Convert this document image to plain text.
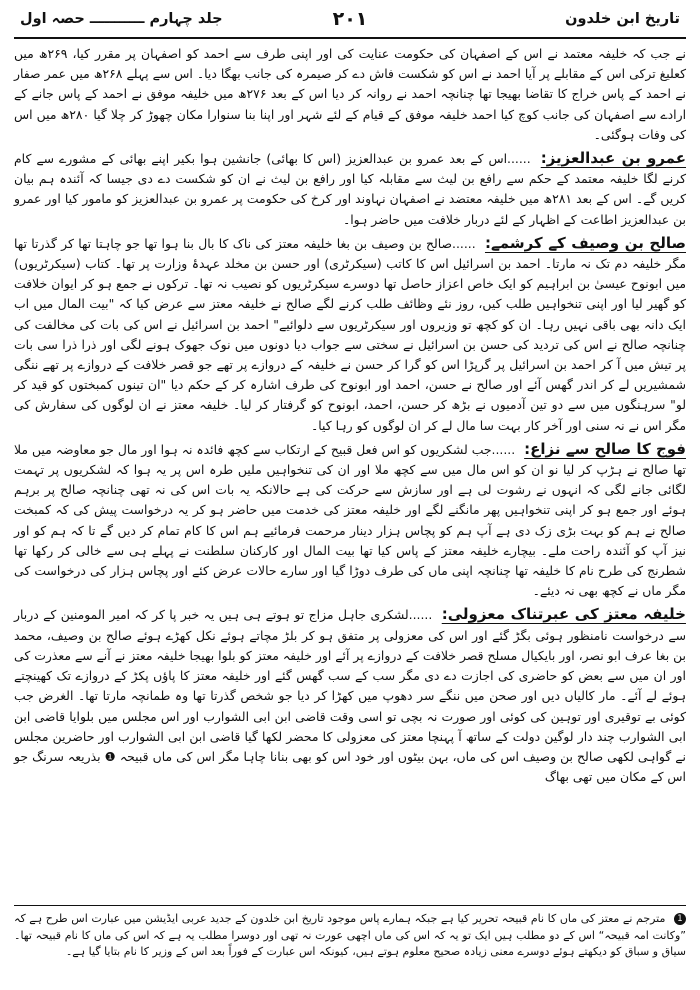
تاریخ ابن خلدون
۲۰۱
جلد چہارم ـــــــــــ حصہ اول

نے جب کہ خلیفہ معتمد نے اس کے اصفہان کی حکومت عنایت کی اور اپنی طرف سے احمد کو اصفہان پر مقرر کیا، ۲۶۹ھ میں کعلیغ ترکی اس کے مقابلے پر آیا احمد نے اس کو شکست فاش دے کر صیمرہ کی جانب بھگا دیا۔ اس سے پہلے ۲۶۸ھ میں عمر صفار نے احمد کے پاس خراج کا تقاضا بھیجا تھا چنانچہ احمد نے روانہ کر دیا اس کے بعد ۲۷۶ھ میں خلیفہ موفق نے احمد کے پاس جانے کے ارادے سے اصفہان کی جانب کوچ کیا احمد خلیفہ موفق کے قیام کے لئے شہر اور اپنا بنا سنوارا مکان چھوڑ کر چلا گیا ۲۸۰ھ میں اس کی وفات ہوگئی۔

عمرو بن عبدالعزیز: ......اس کے بعد عمرو بن عبدالعزیز (اس کا بھائی) جانشین ہوا بکیر اپنے بھائی کے مشورے سے کام کرنے لگا خلیفہ معتمد کے حکم سے رافع بن لیث سے مقابلہ کیا اور رافع بن لیث نے ان کو شکست دے دی جیسا کہ آئندہ ہم بیان کریں گے۔ اس کے بعد ۲۸۱ھ میں خلیفہ معتضد نے اصفہان نہاوند اور کرخ کی حکومت پر عمرو بن عبدالعزیز کو مامور کیا اور عمرو بن عبدالعزیز اطاعت کے اظہار کے لئے دربار خلافت میں حاضر ہوا۔

صالح بن وصیف کے کرشمے: ......صالح بن وصیف بن بغا خلیفہ معتز کی ناک کا بال بنا ہوا تھا جو چاہتا تھا کر گذرتا تھا مگر خلیفہ دم تک نہ مارتا۔ احمد بن اسرائیل اس کا کاتب (سیکرٹری) اور حسن بن مخلد عہدۂ وزارت پر تھا۔ کتاب (سیکرٹریوں) میں ابونوح عیسیٰ بن ابراہیم کو ایک خاص اعزاز حاصل تھا دوسرے سیکرٹریوں کو نصیب نہ تھا۔ ترکوں نے جمع ہو کر ایوان خلافت کو گھیر لیا اور اپنی تنخواہیں طلب کیں، روز نئے وظائف طلب کرنے لگے صالح نے خلیفہ معتز سے عرض کیا کہ "بیت المال میں اب ایک دانہ بھی باقی نہیں رہا۔ ان کو کچھ تو وزیروں اور سیکرٹریوں سے دلوائیے" احمد بن اسرائیل نے اس کی بات کی مخالفت کی چنانچہ صالح نے اس کی تردید کی حسن بن اسرائیل نے سختی سے جواب دیا دونوں میں نوک جھوک ہونے لگی اور ذرا ذرا سی بات پر تیش میں آ کر احمد بن اسرائیل پر گرپڑا اس کو گرا کر حسن نے خلیفہ کے دروازے پر تھے جو قصر خلافت کے دروازے پر تھے ننگی شمشیریں لے کر اندر گھس آئے اور صالح نے حسن، احمد اور ابونوح کی طرف اشارہ کر کے حکم دیا "ان تینوں کمبختوں کو قید کر لو" سرہنگوں میں سے دو تین آدمیوں نے بڑھ کر حسن، احمد، ابونوح کو گرفتار کر لیا۔ خلیفہ معتز نے ان لوگوں کی سفارش کی مگر اس نے نہ سنی اور آخر کار بہت سا مال لے کر ان لوگوں کو رہا کیا۔

فوج کا صالح سے نزاع: ......جب لشکریوں کو اس فعل قبیح کے ارتکاب سے کچھ فائدہ نہ ہوا اور مال جو معاوضہ میں ملا تھا صالح نے ہڑپ کر لیا نو ان کو اس مال میں سے کچھ ملا اور ان کی تنخواہیں ملیں طرہ اس پر یہ ہوا کہ لشکریوں پر تہمت لگائی جانے لگی کہ انہوں نے رشوت لی ہے اور سازش سے حرکت کی ہے حالانکہ یہ بات اس کی نہ تھی چنانچہ صالح پر برہم ہوئے اور جمع ہو کر اپنی تنخواہیں پھر مانگنے لگے اور خلیفہ معتز کی خدمت میں حاضر ہو کر یہ درخواست پیش کی کہ کمبخت صالح نے ہم کو بہت بڑی زک دی ہے آپ ہم کو پچاس ہزار دینار مرحمت فرمائیے ہم اس کا کام تمام کر دیں گے تا کہ ہم کو اور نیز آپ کو آئندہ راحت ملے۔ بیچارے خلیفہ معتز کے پاس کیا تھا بیت المال اور کارکنان سلطنت نے پہلے ہی سے خالی کر رکھا تھا شطرنج کی طرح نام کا خلیفہ تھا چنانچہ اپنی ماں کی طرف دوڑا گیا اور سارے حالات عرض کئے اور پچاس ہزار کی درخواست کی مگر ماں نے کچھ بھی نہ دیئے۔

خلیفہ معتز کی عبرتناک معزولی: ......لشکری جاہل مزاج تو ہوتے ہی ہیں یہ خبر پا کر کہ امیر المومنین کے دربار سے درخواست نامنظور ہوئی بگڑ گئے اور اس کی معزولی پر متفق ہو کر بلڑ مچاتے ہوئے نکل کھڑے ہوئے صالح بن وصیف، محمد بن بغا عرف ابو نصر، اور بایکیال مسلح قصر خلافت کے دروازے پر آئے اور خلیفہ معتز کو بلوا بھیجا خلیفہ معتز نے آنے سے معذرت کی اور ان میں سے بعض کو حاضری کی اجازت دے دی مگر سب کے سب گھس گئے اور خلیفہ معتز کا پاؤں پکڑ کے دروازے تک کھینچتے ہوئے لے آئے۔ مار کالیاں دیں اور صحن میں ننگے سر دھوپ میں کھڑا کر دیا جو شخص گذرتا تھا وہ طمانچہ مارتا تھا۔ الغرض جب کوئی بے توقیری اور توہین کی کوئی اور صورت نہ بچی تو اسی وقت قاضی ابن ابی الشوارب اور اس مجلس میں بلوایا قاضی ابن ابی الشوارب چند دار لوگین دولت کے ساتھ آ پہنچا معتز کی معزولی کا محضر لکھا گیا قاضی ابن ابی الشوارب اور حاضرین مجلس نے گواہی لکھی صالح بن وصیف اس کی ماں، بہن بیٹوں اور خود اس کو بھی بنانا چاہا مگر اس کی ماں قبیحہ ❶ بذریعہ سرنگ جو اس کے مکان میں تھی بھاگ

1 مترجم نے معتز کی ماں کا نام قبیحہ تحریر کیا ہے جبکہ ہمارے پاس موجود تاریخ ابن خلدون کے جدید عربی ایڈیشن میں عبارت اس طرح ہے کہ ”وکانت امہ قبیحہ“ اس کے دو مطلب ہیں ایک تو یہ کہ اس کی ماں اچھی عورت نہ تھی اور دوسرا مطلب یہ ہے کہ اس کی ماں کا نام قبیحہ تھا۔ سیاق و سباق کو دیکھتے ہوئے دوسرے معنی زیادہ صحیح معلوم ہوتے ہیں، کیونکہ اس عبارت کے فوراً بعد اس کے وزیر کا نام بتایا گیا ہے۔
